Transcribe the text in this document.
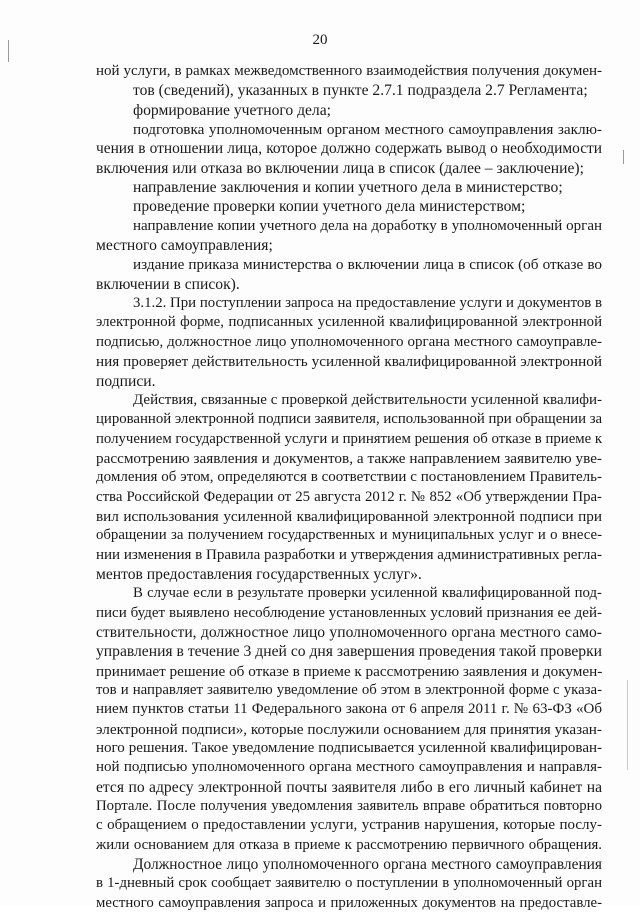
20
ной услуги, в рамках межведомственного взаимодействия получения докумен-
тов (сведений), указанных в пункте 2.7.1 подраздела 2.7 Регламента;
формирование учетного дела;
подготовка уполномоченным органом местного самоуправления заклю-
чения в отношении лица, которое должно содержать вывод о необходимости
включения или отказа во включении лица в список (далее – заключение);
направление заключения и копии учетного дела в министерство;
проведение проверки копии учетного дела министерством;
направление копии учетного дела на доработку в уполномоченный орган
местного самоуправления;
издание приказа министерства о включении лица в список (об отказе во
включении в список).
3.1.2. При поступлении запроса на предоставление услуги и документов в
электронной форме, подписанных усиленной квалифицированной электронной
подписью, должностное лицо уполномоченного органа местного самоуправле-
ния проверяет действительность усиленной квалифицированной электронной
подписи.
Действия, связанные с проверкой действительности усиленной квалифи-
цированной электронной подписи заявителя, использованной при обращении за
получением государственной услуги и принятием решения об отказе в приеме к
рассмотрению заявления и документов, а также направлением заявителю уве-
домления об этом, определяются в соответствии с постановлением Правитель-
ства Российской Федерации от 25 августа 2012 г. № 852 «Об утверждении Пра-
вил использования усиленной квалифицированной электронной подписи при
обращении за получением государственных и муниципальных услуг и о внесе-
нии изменения в Правила разработки и утверждения административных регла-
ментов предоставления государственных услуг».
В случае если в результате проверки усиленной квалифицированной под-
писи будет выявлено несоблюдение установленных условий признания ее дей-
ствительности, должностное лицо уполномоченного органа местного само-
управления в течение 3 дней со дня завершения проведения такой проверки
принимает решение об отказе в приеме к рассмотрению заявления и докумен-
тов и направляет заявителю уведомление об этом в электронной форме с указа-
нием пунктов статьи 11 Федерального закона от 6 апреля 2011 г. № 63-ФЗ «Об
электронной подписи», которые послужили основанием для принятия указан-
ного решения. Такое уведомление подписывается усиленной квалифицирован-
ной подписью уполномоченного органа местного самоуправления и направля-
ется по адресу электронной почты заявителя либо в его личный кабинет на
Портале. После получения уведомления заявитель вправе обратиться повторно
с обращением о предоставлении услуги, устранив нарушения, которые послу-
жили основанием для отказа в приеме к рассмотрению первичного обращения.
Должностное лицо уполномоченного органа местного самоуправления
в 1-дневный срок сообщает заявителю о поступлении в уполномоченный орган
местного самоуправления запроса и приложенных документов на предоставле-
